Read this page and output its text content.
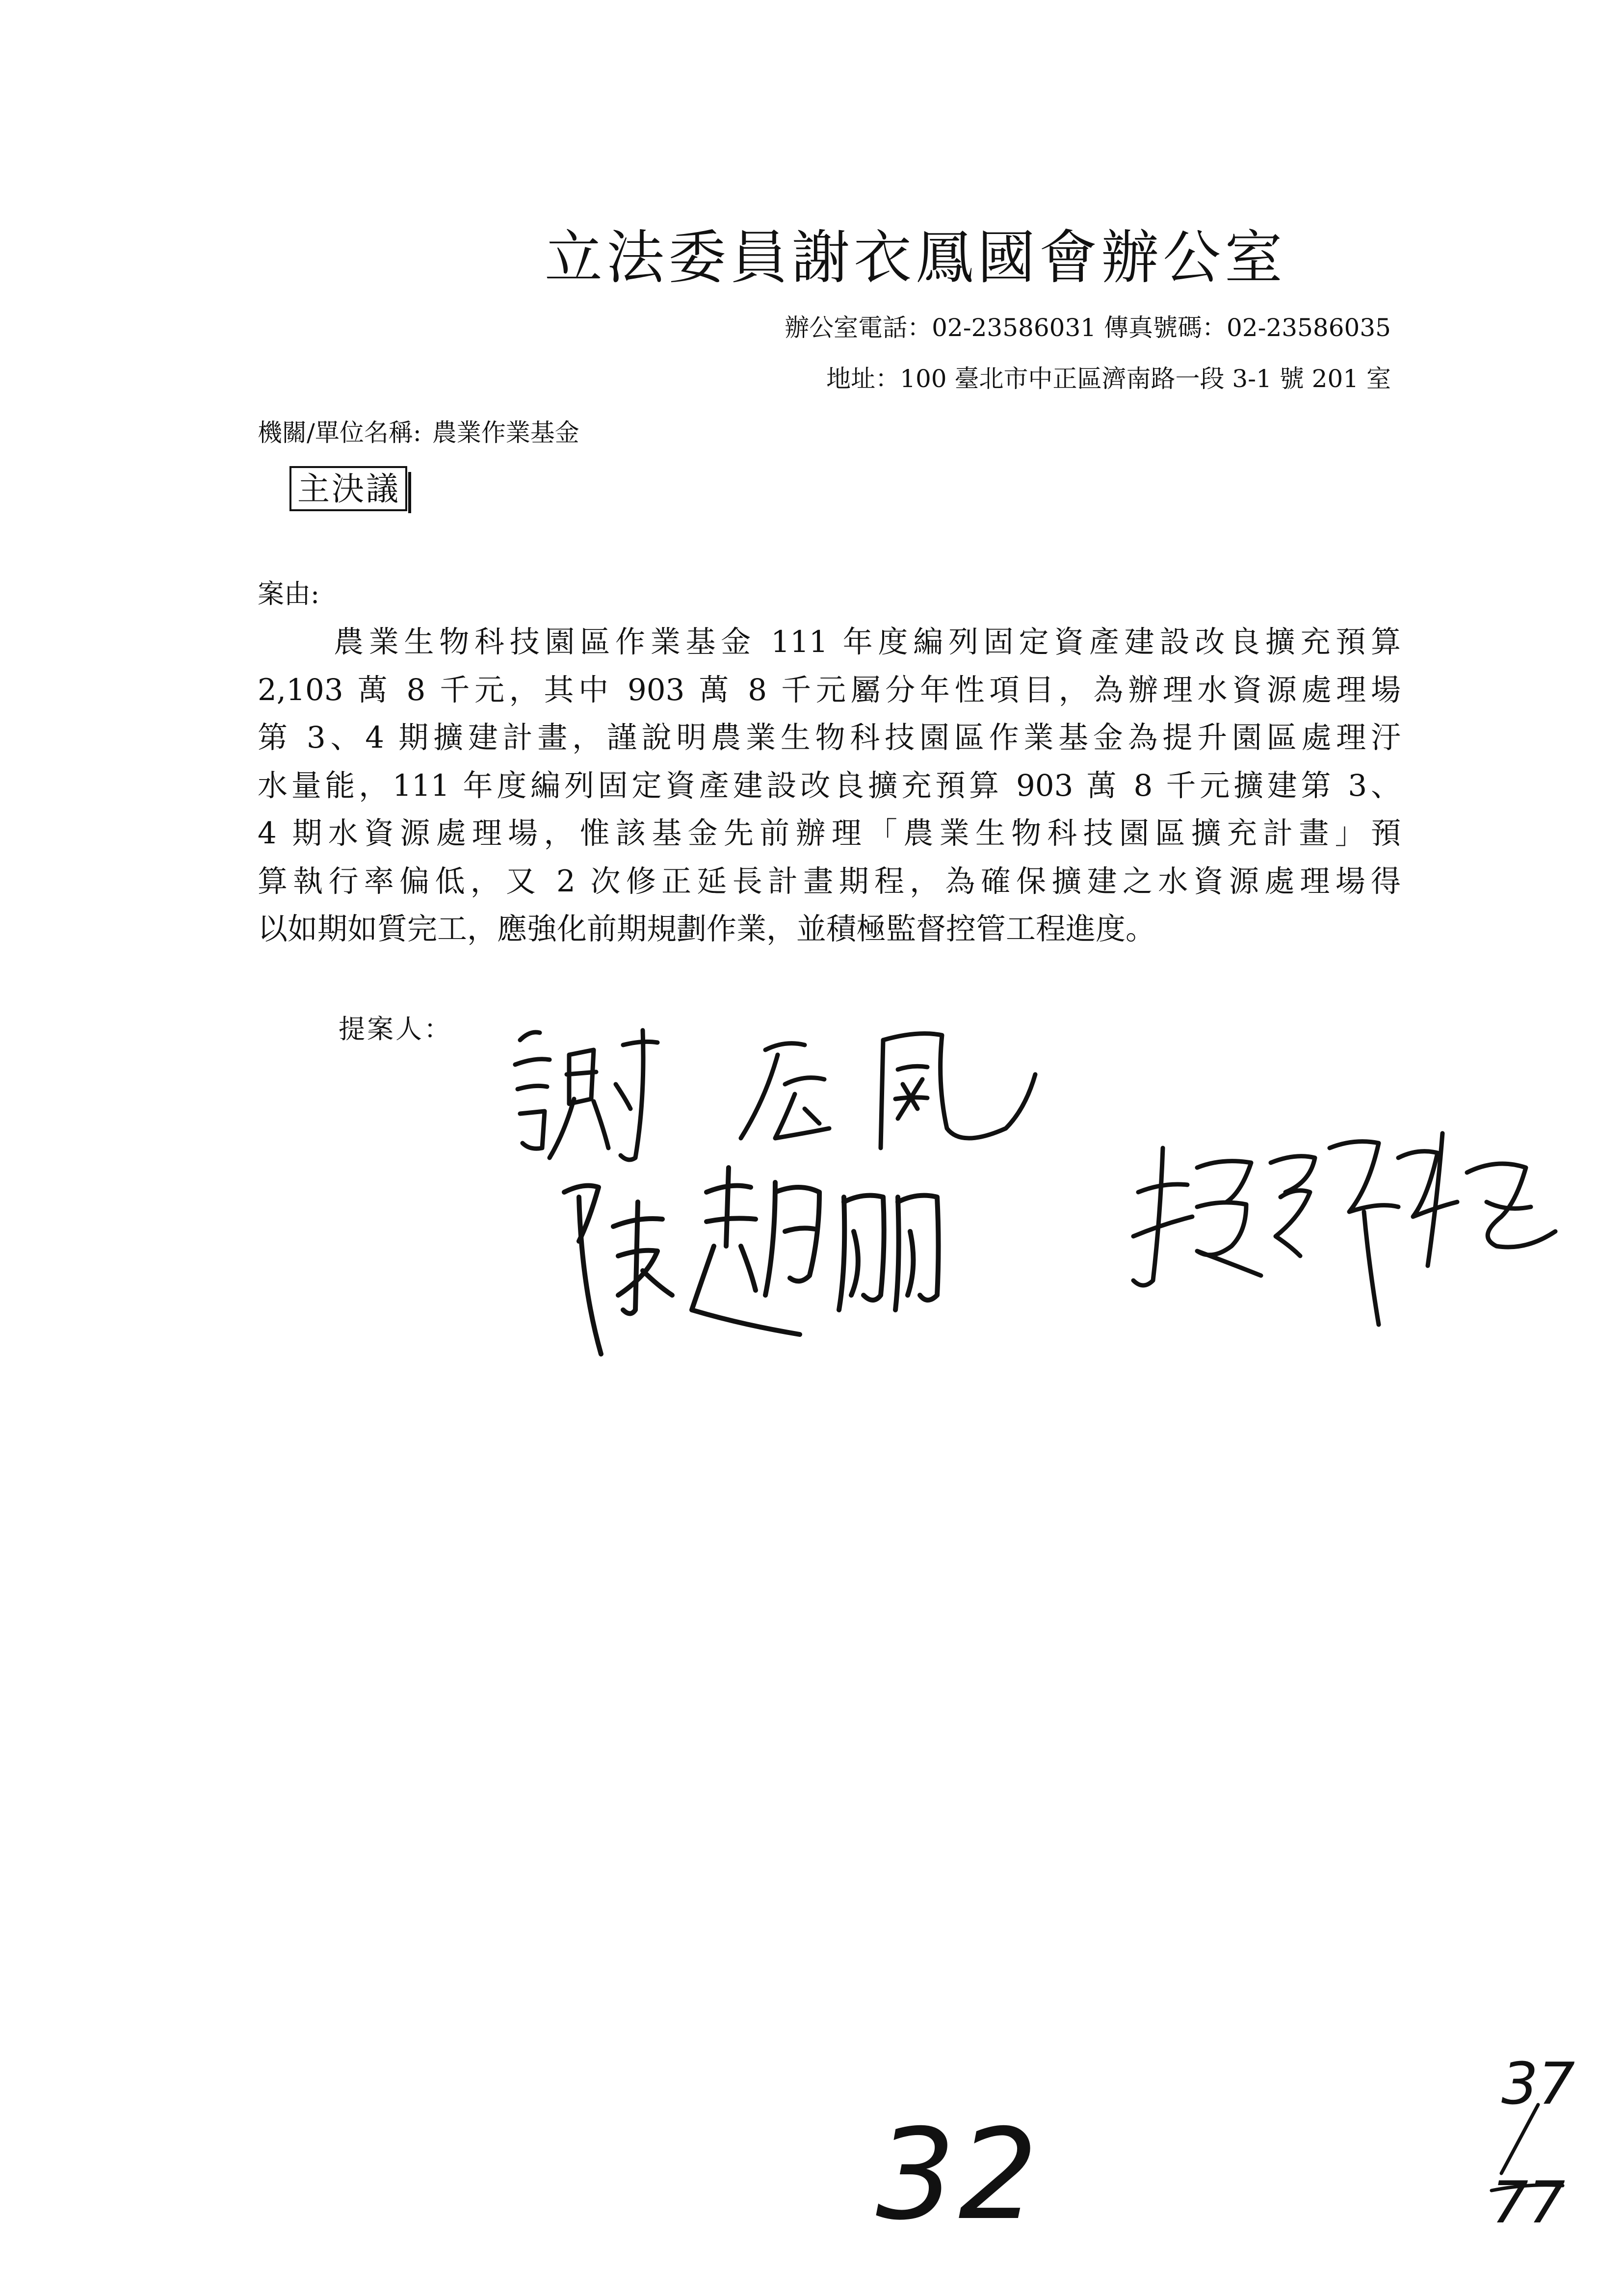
立法委員謝衣鳳國會辦公室
辦公室電話：02-23586031 傳真號碼：02-23586035
地址：100 臺北市中正區濟南路一段 3-1 號 201 室
機關/單位名稱: 農業作業基金
主決議
案由:
農業生物科技園區作業基金 111 年度編列固定資產建設改良擴充預算
2,103 萬 8 千元，其中 903 萬 8 千元屬分年性項目，為辦理水資源處理場
第 3、4 期擴建計畫，謹說明農業生物科技園區作業基金為提升園區處理汙
水量能，111 年度編列固定資產建設改良擴充預算 903 萬 8 千元擴建第 3、
4 期水資源處理場，惟該基金先前辦理「農業生物科技園區擴充計畫」預
算執行率偏低，又 2 次修正延長計畫期程，為確保擴建之水資源處理場得
以如期如質完工，應強化前期規劃作業，並積極監督控管工程進度。
提案人：
32
37
77
